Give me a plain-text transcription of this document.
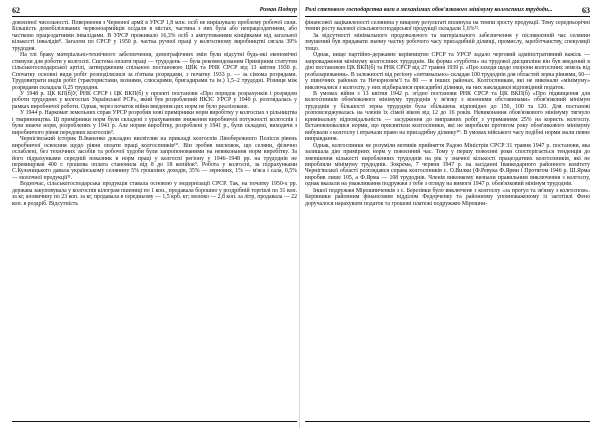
62	Роман Подкур

довоєнної чисельності. Повернення з Червоної армії в УРСР 1,8 млн. осіб не вирішувало проблему робочої сили. Більшість демобілізованих червоноармійців осідали в містах, частина з них була або непрацездатними, або частково працездатними інвалідами. В УРСР проживало 16,3% осіб з ампутованими кінцівками від загальної кількості інвалідів⁸. Загалом по СРСР у 1950 р. частка ручної праці у колгоспному виробництві сягала 39% трудодня.

На тлі браку матеріально-технічного забезпечення, демографічних змін були відсутні будь-які економічні стимули для роботи у колгоспі. Система оплати праці — трудодень — була рекомендованим Примірним статутом сільськогосподарської артілі, затвердженим спільною постановою ЦВК та РНК СРСР від 13 квітня 1930 р. Спочатку основні види робіт розподілялися за п'ятьма розрядами, з початку 1933 р. — за сімома розрядами. Трудовитрати видів робіт (трактористами, вознями, слюсарями, бригадирами та ін.) 1,5–2 трудодні. Різниця між розрядами складала 0,25 трудодня.

У 1948 р. ЦК КП(б)У, РНК СРСР і ЦК ВКП(б) у проекті постанови «Про порядок розрахунків і розрядом роботи трудоднях у колгоспах Української РСР», який був розроблений НКЗС УРСР у 1940 р. розглядалась у рамках виробничої роботи. Однак, через початок війни введення цих норм не було реалізоване.

У 1944 р. Наркомат земельних справ УРСР розробив нові примірники норм виробітку у колгоспах з рільництва і тваринництва. Ці примірники норм були складені з урахуванням зниження виробничої потужності колгоспів і були нижче норм, розроблених у 1941 р. Але норми виробітку, розроблені у 1941 р., були складені, виходячи з виробничого рівня передовиx колгоспів⁹.

Чернігівський історик В.Іваненко докладно висвітлив на прикладі колгоспів Лівобережного Полісся рівень виробничої освоєння щодо рівня оплати праці колгоспників¹⁰. Він зробив висновок, що селяни, фізично ослаблені, без технічних засобів та робочої худоби були запропонованими на невиконання норм виробітку. За його підрахунками середній показник в норм праці у колгоспі регіону у 1946–1948 рр. на трудоднів не перевищував 400 г. грошова оплата становила від 8 до 18 копійок⁹. Робота у колгоспі, за підрахунками С.Кульчицького давала українському селянину 5% грошових доходів, 35% — зернових, 1% — м'яса і сала, 0,5% — молочної продукції¹¹.

Водночас, сільськогосподарська продукція ставала основою у модернізації СРСР. Так, на початку 1950-х рр. держава закуповувала у колгоспів кілограм пшениці по 1 коп., продавала борошно у роздрібній торгівлі по 31 коп. за кг, яловичину по 23 коп. за кг, продавала в середньому — 1,5 крб. кг; молоко — 2,8 коп. за літр, продавала — 22 коп. в роздріб. Відсутність

Ролі степового господарства ваги в механізмах обов'язкового мінімуму колгоспних трудодн...	63

фінансової зацікавленості селянина у вищому результаті вплинула на темпи зросту продукції. Тому середньорічні темпи росту валової сільськогосподарської продукції складали 1,6%¹².

За відсутності мінімального продовольчого та матеріального забезпечення у післявоєнній час селянин змушений був придавати значну частку робочого часу присадибній ділянці, промислу, заробітчанству, спекуляції тощо.

Однак, вище партійно-державне керівництво СРСР та УРСР задало черговий адміністративний важіль — запровадження мінімуму колгоспних трудоднів. Як форма «турботи» на трудової дисципліни він був введений в дію постановою ЦК ВКП(б) та РНК СРСР від 27 травня 1939 р. «Про заходи щодо охорони колгоспних земель від розбазарювання». В залежності від регіону «оптимально» складав 100 трудоднів для областей зерна рівнями, 60— у північних районах та Нечорноземʼї та 80 — в інших районах. Колгоспникам, які не виконали «мінімуму» виключалися з колгоспу, у них відбиралися присадибні ділянки, на них накладався відповідний податок.

В умовах війни з 13 квітня 1942 р. згідно постанови РНК СРСР та ЦК ВКП(б) «Про підвищення для колгоспників обов'язкового мінімуму трудоднів у зв'язку з воєнними обставинами» обов'язковий мінімум трудоднів у більшості зерна трудоднів була збільшена відповідно до 150, 100 та 120. Для постанові розповсюджувалась на членів їх сімей віком від 12 до 16 років. Невиконання обов'язкового мінімуму тягнуло кримінальну відповідальність — засудження до виправних робіт з утриманням 25% на користь колгоспу. Встановлювалися норми, що присвятили колгоспники, які не виробили протягом року обов'язкового мінімуму вибували з колгоспу і втрачали право на присадибну ділянку¹⁰. В умовах війського часу подібні норми мали певне виправдання.

Однак, колгоспники не розуміли мотивів прийняття Радою Міністрів СРСР 31 травня 1947 р. постанови, яка залишала дію примірних норм у повоєнний час. Тому у першу повоєнні роки спостерігається тенденція до зменшення кількості виробленних трудоднів на рік у значної кількості працездатних колгоспників, які не виробляли мінімуму трудоднів. Зокрема, 7 червня 1947 р. на засіданні Іванкодарного районного комітету Чернігівської області розглядався справа колгоспників с. О.Вилки (Ф.Ревука Ф.Ярми і Протягом 1946 р. Ш.Ярма виробив лише 105, а Ф.Ярма — 108 трудоднів. Членів виконкому визнали правильним виключення з колгоспу, однак вказали на уважливання подружжя з тебе з огляду на вимоги 1947 р. обов'язковий мінімум трудоднів.

Іншої подружжя Мірошниченків з с. Березівки було виключене з колгоспу «за прогул та зв'язку з колгоспом». Керівники районним фінансовим відділом Федорченку та районному уповноваженому із заготівлі Фено доручалося нарахувати податок та грошові платежі подружжю Мірошни-
